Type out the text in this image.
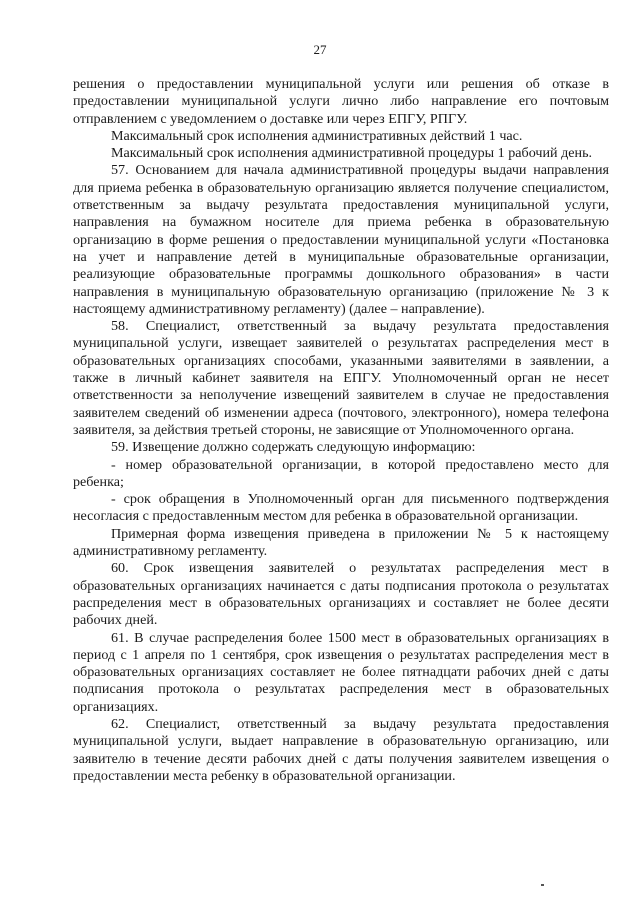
27

решения о предоставлении муниципальной услуги или решения об отказе в предоставлении муниципальной услуги лично либо направление его почтовым отправлением с уведомлением о доставке или через ЕПГУ, РПГУ.

Максимальный срок исполнения административных действий 1 час.

Максимальный срок исполнения административной процедуры 1 рабочий день.

57. Основанием для начала административной процедуры выдачи направления для приема ребенка в образовательную организацию является получение специалистом, ответственным за выдачу результата предоставления муниципальной услуги, направления на бумажном носителе для приема ребенка в образовательную организацию в форме решения о предоставлении муниципальной услуги «Постановка на учет и направление детей в муниципальные образовательные организации, реализующие образовательные программы дошкольного образования» в части направления в муниципальную образовательную организацию (приложение № 3 к настоящему административному регламенту) (далее – направление).

58. Специалист, ответственный за выдачу результата предоставления муниципальной услуги, извещает заявителей о результатах распределения мест в образовательных организациях способами, указанными заявителями в заявлении, а также в личный кабинет заявителя на ЕПГУ. Уполномоченный орган не несет ответственности за неполучение извещений заявителем в случае не предоставления заявителем сведений об изменении адреса (почтового, электронного), номера телефона заявителя, за действия третьей стороны, не зависящие от Уполномоченного органа.

59. Извещение должно содержать следующую информацию:

- номер образовательной организации, в которой предоставлено место для ребенка;

- срок обращения в Уполномоченный орган для письменного подтверждения несогласия с предоставленным местом для ребенка в образовательной организации.

Примерная форма извещения приведена в приложении № 5 к настоящему административному регламенту.

60. Срок извещения заявителей о результатах распределения мест в образовательных организациях начинается с даты подписания протокола о результатах распределения мест в образовательных организациях и составляет не более десяти рабочих дней.

61. В случае распределения более 1500 мест в образовательных организациях в период с 1 апреля по 1 сентября, срок извещения о результатах распределения мест в образовательных организациях составляет не более пятнадцати рабочих дней с даты подписания протокола о результатах распределения мест в образовательных организациях.

62. Специалист, ответственный за выдачу результата предоставления муниципальной услуги, выдает направление в образовательную организацию, или заявителю в течение десяти рабочих дней с даты получения заявителем извещения о предоставлении места ребенку в образовательной организации.
